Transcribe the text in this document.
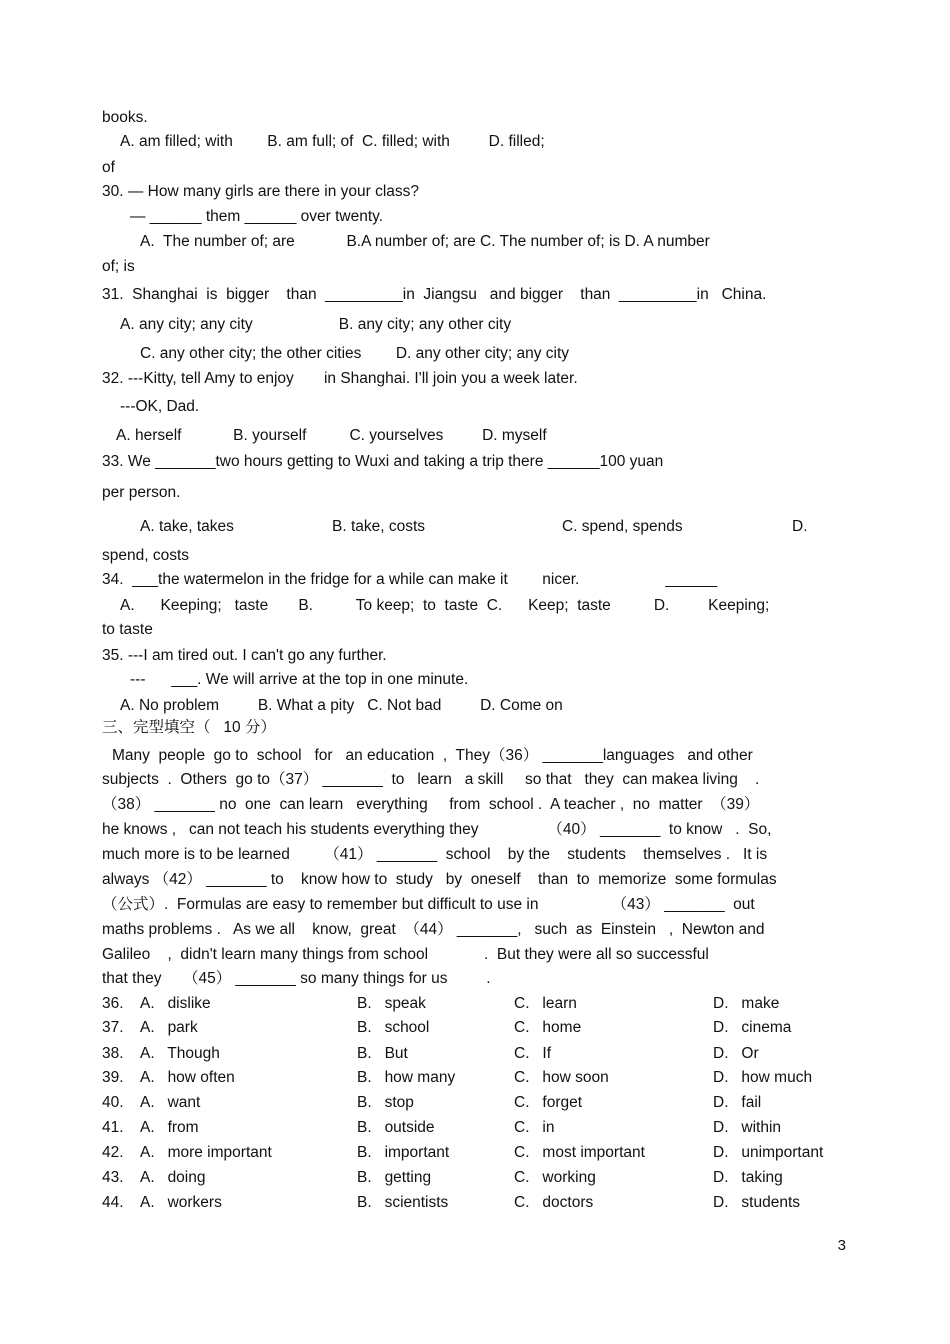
books.
A. am filled; with        B. am full; of  C. filled; with         D. filled;
of
30. — How many girls are there in your class?
— ______ them ______ over twenty.
A.  The number of; are            B.A number of; are C. The number of; is D. A number
of; is
31.  Shanghai  is  bigger    than  _________in  Jiangsu   and bigger    than  _________in   China.
A. any city; any city                    B. any city; any other city
C. any other city; the other cities        D. any other city; any city
32. ---Kitty, tell Amy to enjoy       in Shanghai. I'll join you a week later.
---OK, Dad.
A. herself            B. yourself          C. yourselves         D. myself
33. We _______two hours getting to Wuxi and taking a trip there ______100 yuan
per person.
A. take, takes	B. take, costs	C. spend, spends	D.
spend, costs
34.  ___the watermelon in the fridge for a while can make it        nicer.                    ______
A.      Keeping;   taste       B.          To keep;  to  taste  C.      Keep;  taste          D.         Keeping;
to taste
35. ---I am tired out. I can't go any further.
---      ___. We will arrive at the top in one minute.
A. No problem         B. What a pity   C. Not bad         D. Come on
三、完型填空（   10 分）
Many  people  go to  school   for   an education  ,  They（36） _______languages   and other
subjects  .  Others  go to（37） _______  to   learn   a skill     so that   they  can makea living    .
（38） _______ no  one  can learn   everything     from  school .  A teacher ,  no  matter  （39）
he knows ,   can not teach his students everything they                （40） _______  to know   .  So,
much more is to be learned        （41） _______  school    by the    students    themselves .   It is
always （42） _______ to    know how to  study   by  oneself    than  to  memorize  some formulas
（公式）.  Formulas are easy to remember but difficult to use in                 （43） _______  out
maths problems .   As we all    know,  great  （44） _______,   such  as  Einstein   ,  Newton and
Galileo    ,  didn't learn many things from school             .  But they were all so successful
that they     （45） _______ so many things for us         .
36. A.   dislike	B.   speak	C.   learn	D.   make
37. A.   park	B.   school	C.   home	D.   cinema
38. A.   Though	B.   But	C.   If	D.   Or
39. A.   how often	B.   how many	C.   how soon	D.   how much
40. A.   want	B.   stop	C.   forget	D.   fail
41. A.   from	B.   outside	C.   in	D.   within
42. A.   more important	B.   important	C.   most important	D.   unimportant
43. A.   doing	B.   getting	C.   working	D.   taking
44. A.   workers	B.   scientists	C.   doctors	D.   students
3
